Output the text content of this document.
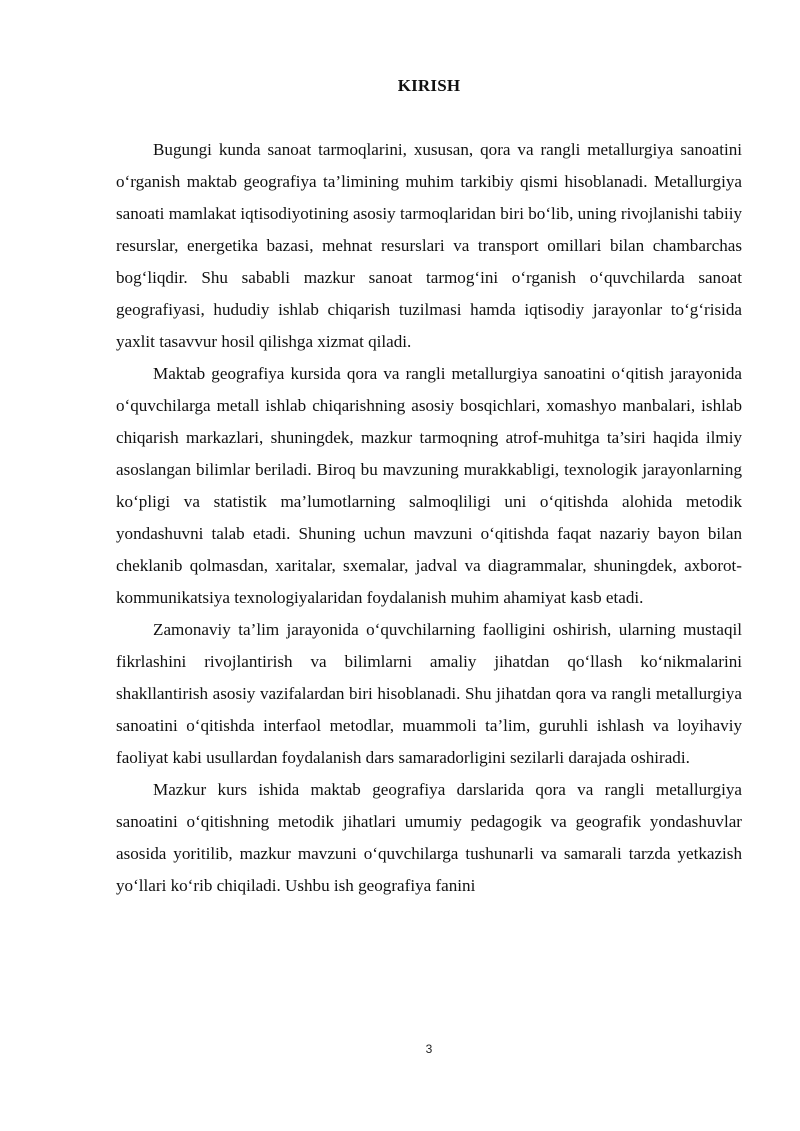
KIRISH

Bugungi kunda sanoat tarmoqlarini, xususan, qora va rangli metallurgiya sanoatini o‘rganish maktab geografiya ta’limining muhim tarkibiy qismi hisoblanadi. Metallurgiya sanoati mamlakat iqtisodiyotining asosiy tarmoqlaridan biri bo‘lib, uning rivojlanishi tabiiy resurslar, energetika bazasi, mehnat resurslari va transport omillari bilan chambarchas bog‘liqdir. Shu sababli mazkur sanoat tarmog‘ini o‘rganish o‘quvchilarda sanoat geografiyasi, hududiy ishlab chiqarish tuzilmasi hamda iqtisodiy jarayonlar to‘g‘risida yaxlit tasavvur hosil qilishga xizmat qiladi.

Maktab geografiya kursida qora va rangli metallurgiya sanoatini o‘qitish jarayonida o‘quvchilarga metall ishlab chiqarishning asosiy bosqichlari, xomashyo manbalari, ishlab chiqarish markazlari, shuningdek, mazkur tarmoqning atrof-muhitga ta’siri haqida ilmiy asoslangan bilimlar beriladi. Biroq bu mavzuning murakkabligi, texnologik jarayonlarning ko‘pligi va statistik ma’lumotlarning salmoqliligi uni o‘qitishda alohida metodik yondashuvni talab etadi. Shuning uchun mavzuni o‘qitishda faqat nazariy bayon bilan cheklanib qolmasdan, xaritalar, sxemalar, jadval va diagrammalar, shuningdek, axborot-kommunikatsiya texnologiyalaridan foydalanish muhim ahamiyat kasb etadi.

Zamonaviy ta’lim jarayonida o‘quvchilarning faolligini oshirish, ularning mustaqil fikrlashini rivojlantirish va bilimlarni amaliy jihatdan qo‘llash ko‘nikmalarini shakllantirish asosiy vazifalardan biri hisoblanadi. Shu jihatdan qora va rangli metallurgiya sanoatini o‘qitishda interfaol metodlar, muammoli ta’lim, guruhli ishlash va loyihaviy faoliyat kabi usullardan foydalanish dars samaradorligini sezilarli darajada oshiradi.

Mazkur kurs ishida maktab geografiya darslarida qora va rangli metallurgiya sanoatini o‘qitishning metodik jihatlari umumiy pedagogik va geografik yondashuvlar asosida yoritilib, mazkur mavzuni o‘quvchilarga tushunarli va samarali tarzda yetkazish yo‘llari ko‘rib chiqiladi. Ushbu ish geografiya fanini

3
